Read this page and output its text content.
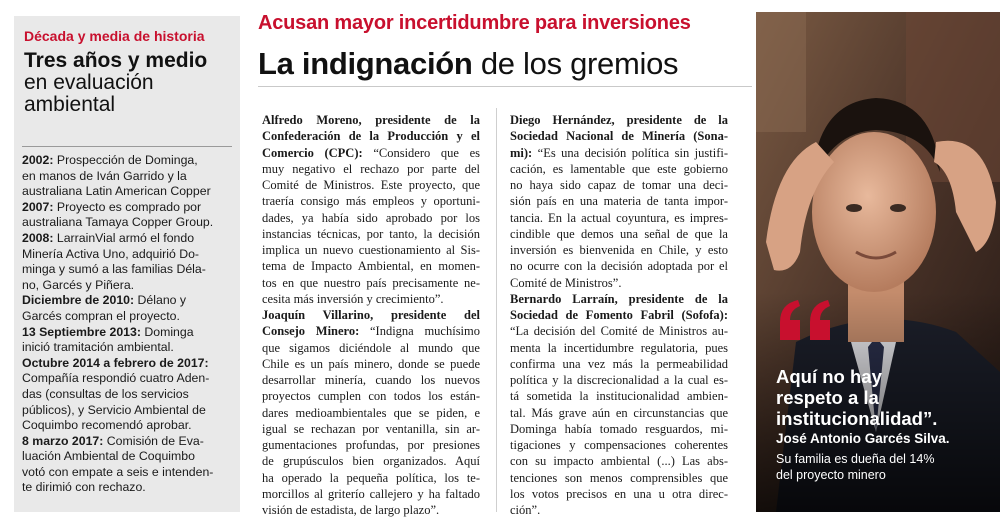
Década y media de historia
Tres años y medio
en evaluación
ambiental
2002: Prospección de Dominga,
en manos de Iván Garrido y la
australiana Latin American Copper
2007: Proyecto es comprado por
australiana Tamaya Copper Group.
2008: LarrainVial armó el fondo
Minería Activa Uno, adquirió Do-
minga y sumó a las familias Déla-
no, Garcés y Piñera.
Diciembre de 2010: Délano y
Garcés compran el proyecto.
13 Septiembre 2013: Dominga
inició tramitación ambiental.
Octubre 2014 a febrero de 2017:
Compañía respondió cuatro Aden-
das (consultas de los servicios
públicos), y Servicio Ambiental de
Coquimbo recomendó aprobar.
8 marzo 2017: Comisión de Eva-
luación Ambiental de Coquimbo
votó con empate a seis e intenden-
te dirimió con rechazo.
Acusan mayor incertidumbre para inversiones
La indignación de los gremios
Alfredo Moreno, presidente de la
Confederación de la Producción y el
Comercio (CPC): “Considero que es
muy negativo el rechazo por parte del
Comité de Ministros. Este proyecto, que
traería consigo más empleos y oportuni-
dades, ya había sido aprobado por los
instancias técnicas, por tanto, la decisión
implica un nuevo cuestionamiento al Sis-
tema de Impacto Ambiental, en momen-
tos en que nuestro país precisamente ne-
cesita más inversión y crecimiento”.
Joaquín Villarino, presidente del
Consejo Minero: “Indigna muchísimo
que sigamos diciéndole al mundo que
Chile es un país minero, donde se puede
desarrollar minería, cuando los nuevos
proyectos cumplen con todos los están-
dares medioambientales que se piden, e
igual se rechazan por ventanilla, sin ar-
gumentaciones profundas, por presiones
de grupúsculos bien organizados. Aquí
ha operado la pequeña política, los te-
morcillos al griterío callejero y ha faltado
visión de estadista, de largo plazo”.
Diego Hernández, presidente de la
Sociedad Nacional de Minería (Sona-
mi): “Es una decisión política sin justifi-
cación, es lamentable que este gobierno
no haya sido capaz de tomar una deci-
sión país en una materia de tanta impor-
tancia. En la actual coyuntura, es impres-
cindible que demos una señal de que la
inversión es bienvenida en Chile, y esto
no ocurre con la decisión adoptada por el
Comité de Ministros”.
Bernardo Larraín, presidente de la
Sociedad de Fomento Fabril (Sofofa):
“La decisión del Comité de Ministros au-
menta la incertidumbre regulatoria, pues
confirma una vez más la permeabilidad
política y la discrecionalidad a la cual es-
tá sometida la institucionalidad ambien-
tal. Más grave aún en circunstancias que
Dominga había tomado resguardos, mi-
tigaciones y compensaciones coherentes
con su impacto ambiental (...) Las abs-
tenciones son menos comprensibles que
los votos precisos en una u otra direc-
ción”.
Aquí no hay
respeto a la
institucionalidad”.
José Antonio Garcés Silva.
Su familia es dueña del 14%
del proyecto minero
